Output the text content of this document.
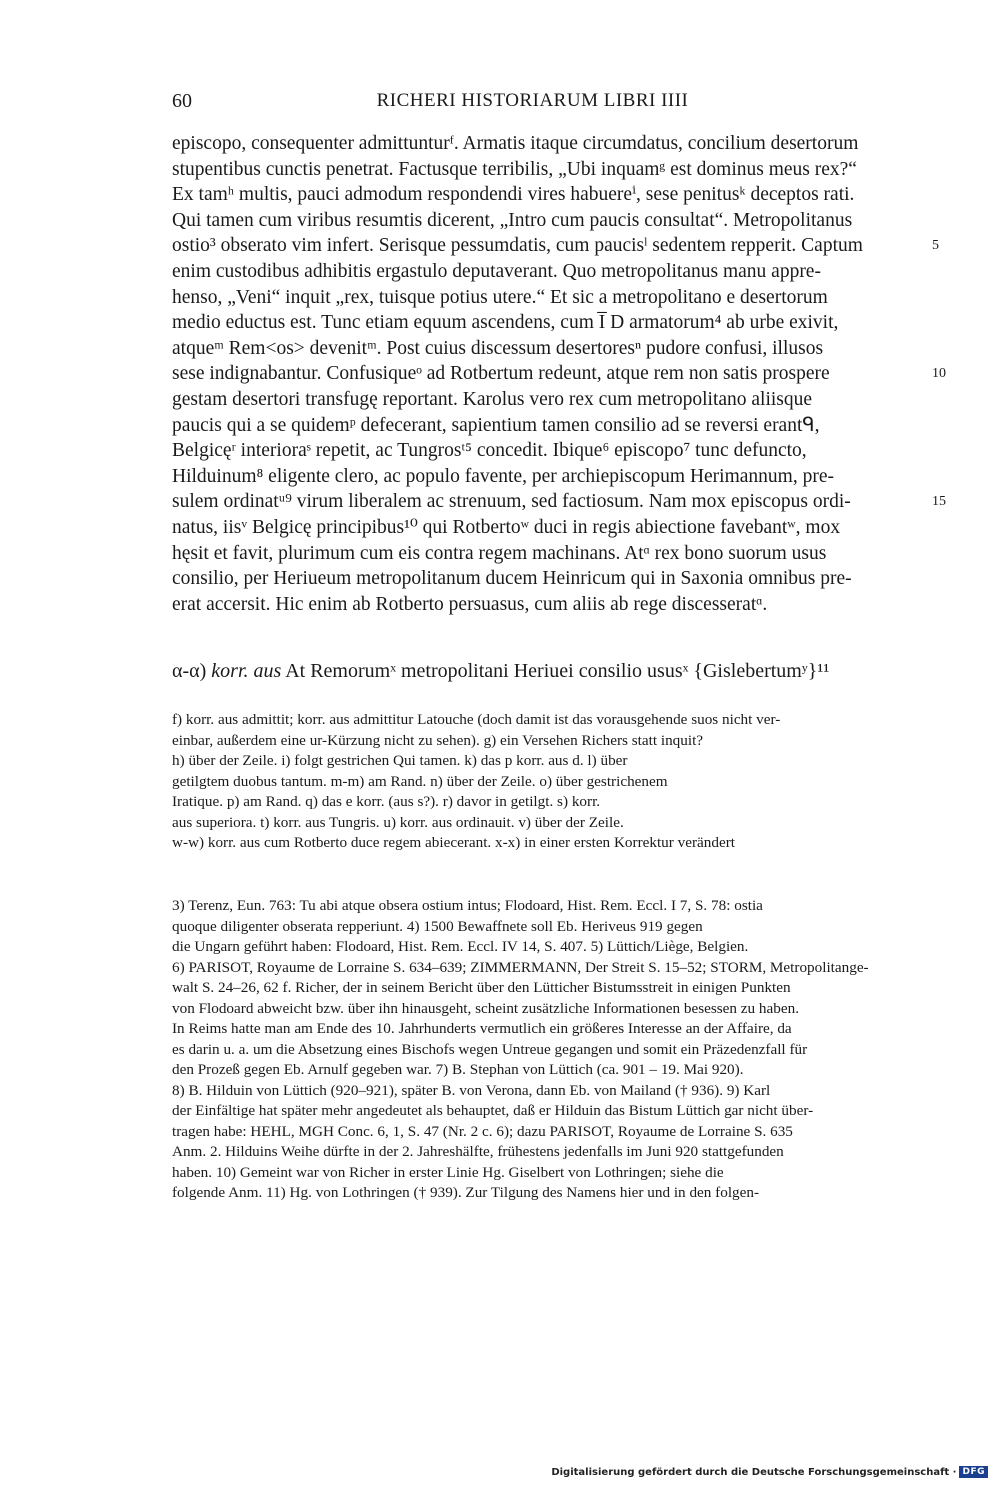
60	RICHERI HISTORIARUM LIBRI IIII
episcopo, consequenter admittunturᶠ. Armatis itaque circumdatus, concilium desertorum
stupentibus cunctis penetrat. Factusque terribilis, „Ubi inquamᵍ est dominus meus rex?“
Ex tamʰ multis, pauci admodum respondendi vires habuereⁱ, sese penitusᵏ deceptos rati.
Qui tamen cum viribus resumtis dicerent, „Intro cum paucis consultat“. Metropolitanus
ostio³ obserato vim infert. Serisque pessumdatis, cum paucisˡ sedentem repperit. Captum	5
enim custodibus adhibitis ergastulo deputaverant. Quo metropolitanus manu appre-
henso, „Veni“ inquit „rex, tuisque potius utere.“ Et sic a metropolitano e desertorum
medio eductus est. Tunc etiam equum ascendens, cum I̅ D armatorum⁴ ab urbe exivit,
atqueᵐ Rem<os> devenitᵐ. Post cuius discessum desertoresⁿ pudore confusi, illusos
sese indignabantur. Confusiqueᵒ ad Rotbertum redeunt, atque rem non satis prospere	10
gestam desertori transfugę reportant. Karolus vero rex cum metropolitano aliisque
paucis qui a se quidemᵖ defecerant, sapientium tamen consilio ad se reversi erantᑫ,
Belgicęʳ interioraˢ repetit, ac Tungrosᵗ⁵ concedit. Ibique⁶ episcopo⁷ tunc defuncto,
Hilduinum⁸ eligente clero, ac populo favente, per archiepiscopum Herimannum, pre-
sulem ordinatᵘ⁹ virum liberalem ac strenuum, sed factiosum. Nam mox episcopus ordi-	15
natus, iisᵛ Belgicę principibus¹⁰ qui Rotbertoʷ duci in regis abiectione favebantʷ, mox
hęsit et favit, plurimum cum eis contra regem machinans. Atᵅ rex bono suorum usus
consilio, per Heriueum metropolitanum ducem Heinricum qui in Saxonia omnibus pre-
erat accersit. Hic enim ab Rotberto persuasus, cum aliis ab rege discesseratᵅ.
α-α) korr. aus At Remorumˣ metropolitani Heriuei consilio ususˣ {Gislebertumʸ}¹¹
f) korr. aus admittit; korr. aus admittitur Latouche (doch damit ist das vorausgehende suos nicht ver-
einbar, außerdem eine ur-Kürzung nicht zu sehen). g) ein Versehen Richers statt inquit?
h) über der Zeile. i) folgt gestrichen Qui tamen. k) das p korr. aus d. l) über
getilgtem duobus tantum. m-m) am Rand. n) über der Zeile. o) über gestrichenem
Iratique. p) am Rand. q) das e korr. (aus s?). r) davor in getilgt. s) korr.
aus superiora. t) korr. aus Tungris. u) korr. aus ordinauit. v) über der Zeile.
w-w) korr. aus cum Rotberto duce regem abiecerant. x-x) in einer ersten Korrektur verändert
3) Terenz, Eun. 763: Tu abi atque obsera ostium intus; Flodoard, Hist. Rem. Eccl. I 7, S. 78: ostia
quoque diligenter obserata repperiunt. 4) 1500 Bewaffnete soll Eb. Heriveus 919 gegen
die Ungarn geführt haben: Flodoard, Hist. Rem. Eccl. IV 14, S. 407. 5) Lüttich/Liège, Belgien.
6) PARISOT, Royaume de Lorraine S. 634–639; ZIMMERMANN, Der Streit S. 15–52; STORM, Metropolitange-
walt S. 24–26, 62 f. Richer, der in seinem Bericht über den Lütticher Bistumsstreit in einigen Punkten
von Flodoard abweicht bzw. über ihn hinausgeht, scheint zusätzliche Informationen besessen zu haben.
In Reims hatte man am Ende des 10. Jahrhunderts vermutlich ein größeres Interesse an der Affaire, da
es darin u. a. um die Absetzung eines Bischofs wegen Untreue gegangen und somit ein Präzedenzfall für
den Prozeß gegen Eb. Arnulf gegeben war. 7) B. Stephan von Lüttich (ca. 901 – 19. Mai 920).
8) B. Hilduin von Lüttich (920–921), später B. von Verona, dann Eb. von Mailand († 936). 9) Karl
der Einfältige hat später mehr angedeutet als behauptet, daß er Hilduin das Bistum Lüttich gar nicht über-
tragen habe: HEHL, MGH Conc. 6, 1, S. 47 (Nr. 2 c. 6); dazu PARISOT, Royaume de Lorraine S. 635
Anm. 2. Hilduins Weihe dürfte in der 2. Jahreshälfte, frühestens jedenfalls im Juni 920 stattgefunden
haben. 10) Gemeint war von Richer in erster Linie Hg. Giselbert von Lothringen; siehe die
folgende Anm. 11) Hg. von Lothringen († 939). Zur Tilgung des Namens hier und in den folgen-
Digitalisierung gefördert durch die Deutsche Forschungsgemeinschaft · DFG
